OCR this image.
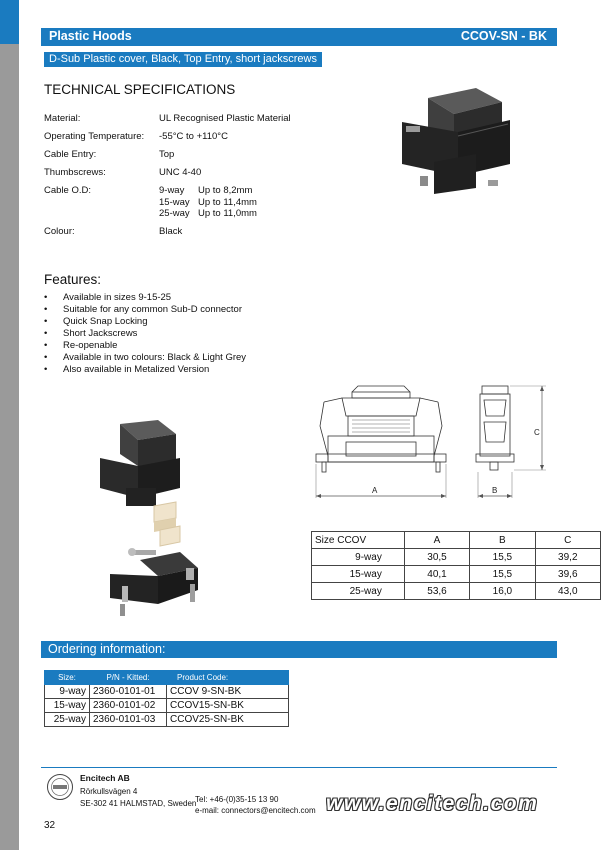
Plastic Hoods	CCOV-SN - BK
D-Sub Plastic cover, Black, Top Entry, short jackscrews
TECHNICAL SPECIFICATIONS
Material:	UL Recognised Plastic Material
Operating Temperature: -55°C to +110°C
Cable Entry:	Top
Thumbscrews:	UNC 4-40
Cable O.D:	9-way Up to 8,2mm
15-way Up to 11,4mm
25-way Up to 11,0mm
Colour:	Black
Features:
• Available in sizes 9-15-25
• Suitable for any common Sub-D connector
• Quick Snap Locking
• Short Jackscrews
• Re-openable
• Available in two colours: Black & Light Grey
• Also available in Metalized Version
A
C
B
Size CCOV	A	B	C
9-way	30,5	15,5	39,2
15-way	40,1	15,5	39,6
25-way	53,6	16,0	43,0
Ordering information:
Size:	P/N - Kitted:	Product Code:
9-way	2360-0101-01	CCOV 9-SN-BK
15-way	2360-0101-02	CCOV15-SN-BK
25-way	2360-0101-03	CCOV25-SN-BK
Encitech AB
Rörkullsvägen 4
SE-302 41 HALMSTAD, Sweden
Tel: +46-(0)35-15 13 90
e-mail: connectors@encitech.com www.encitech.com
32
